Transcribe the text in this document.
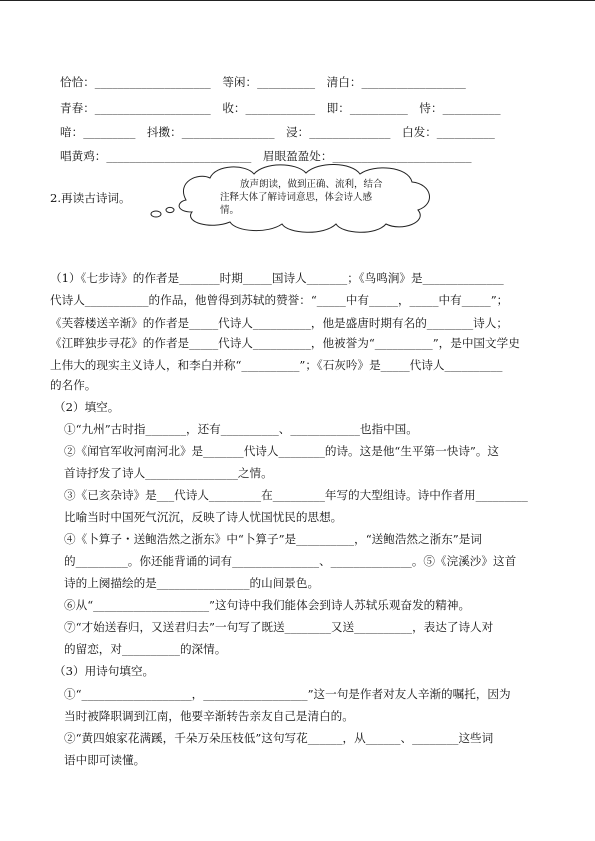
恰恰：____________________　等闲：__________　清白：__________________
青春：____________________　收：____________　即：__________　恃：__________
喑：_________　抖擞：________________　浸：______________　白发：__________
唱黄鸡：_________________________　眉眼盈盈处：________________________
2.再读古诗词。
放声朗读，做到正确、流利，结合
注释大体了解诗词意思，体会诗人感
情。
（1）《七步诗》的作者是_______时期_____国诗人_______；《鸟鸣涧》是______________
代诗人___________的作品，他曾得到苏轼的赞誉：“_____中有_____，_____中有_____”；
《芙蓉楼送辛渐》的作者是_____代诗人__________，他是盛唐时期有名的________诗人；
《江畔独步寻花》的作者是_____代诗人__________，他被誉为“__________”，是中国文学史
上伟大的现实主义诗人，和李白并称“__________”；《石灰吟》是_____代诗人__________
的名作。
（2）填空。
①“九州”古时指_______，还有__________、____________也指中国。
②《闻官军收河南河北》是_______代诗人________的诗。这是他“生平第一快诗”。这
首诗抒发了诗人________________之情。
③《已亥杂诗》是___代诗人_________在_________年写的大型组诗。诗中作者用_________
比喻当时中国死气沉沉，反映了诗人忧国忧民的思想。
④《卜算子・送鲍浩然之浙东》中“卜算子”是__________，“送鲍浩然之浙东”是词
的_________。你还能背诵的词有_______________、______________。⑤《浣溪沙》这首
诗的上阕描绘的是________________的山间景色。
⑥从“____________________”这句诗中我们能体会到诗人苏轼乐观奋发的精神。
⑦“才始送春归，又送君归去”一句写了既送________又送__________，表达了诗人对
的留恋，对__________的深情。
（3）用诗句填空。
①“___________________，__________________”这一句是作者对友人辛渐的嘱托，因为
当时被降职调到江南，他要辛渐转告亲友自己是清白的。
②“黄四娘家花满蹊，千朵万朵压枝低”这句写花______，从______、________这些词
语中即可读懂。
